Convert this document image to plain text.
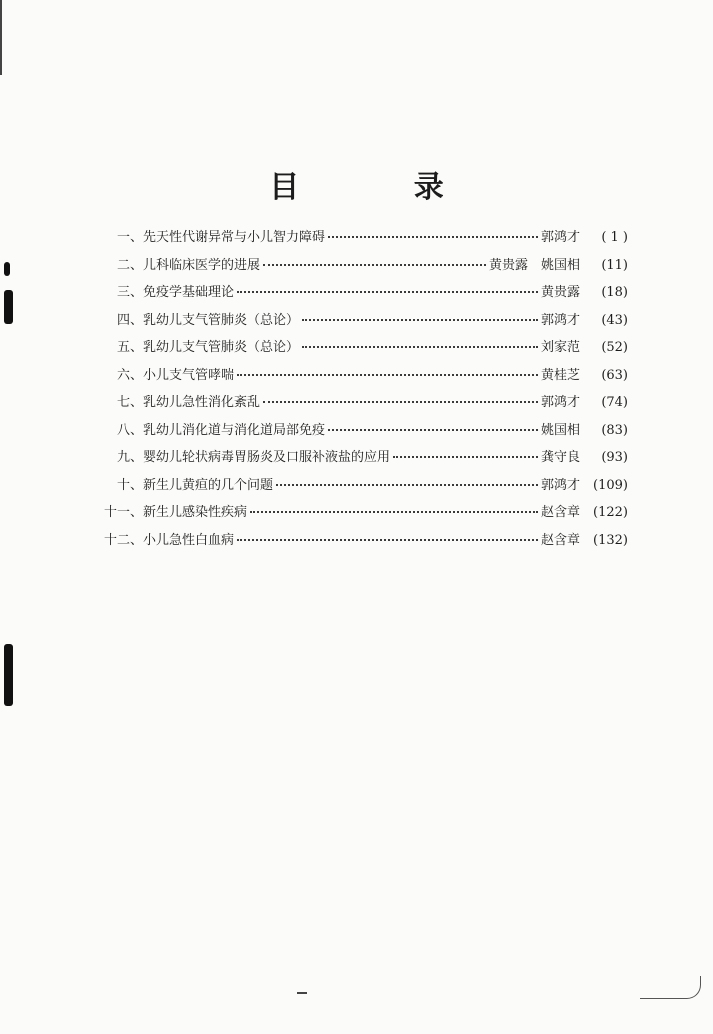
目 录
一、 先天性代谢异常与小儿智力障碍	郭鸿才	( 1 )
二、 儿科临床医学的进展	黄贵露　姚国相	(11)
三、 免疫学基础理论	黄贵露	(18)
四、 乳幼儿支气管肺炎（总论）	郭鸿才	(43)
五、 乳幼儿支气管肺炎（总论）	刘家范	(52)
六、 小儿支气管哮喘	黄桂芝	(63)
七、 乳幼儿急性消化紊乱	郭鸿才	(74)
八、 乳幼儿消化道与消化道局部免疫	姚国相	(83)
九、 婴幼儿轮状病毒胃肠炎及口服补液盐的应用	龚守良	(93)
十、 新生儿黄疸的几个问题	郭鸿才	(109)
十一、 新生儿感染性疾病	赵含章	(122)
十二、 小儿急性白血病	赵含章	(132)
